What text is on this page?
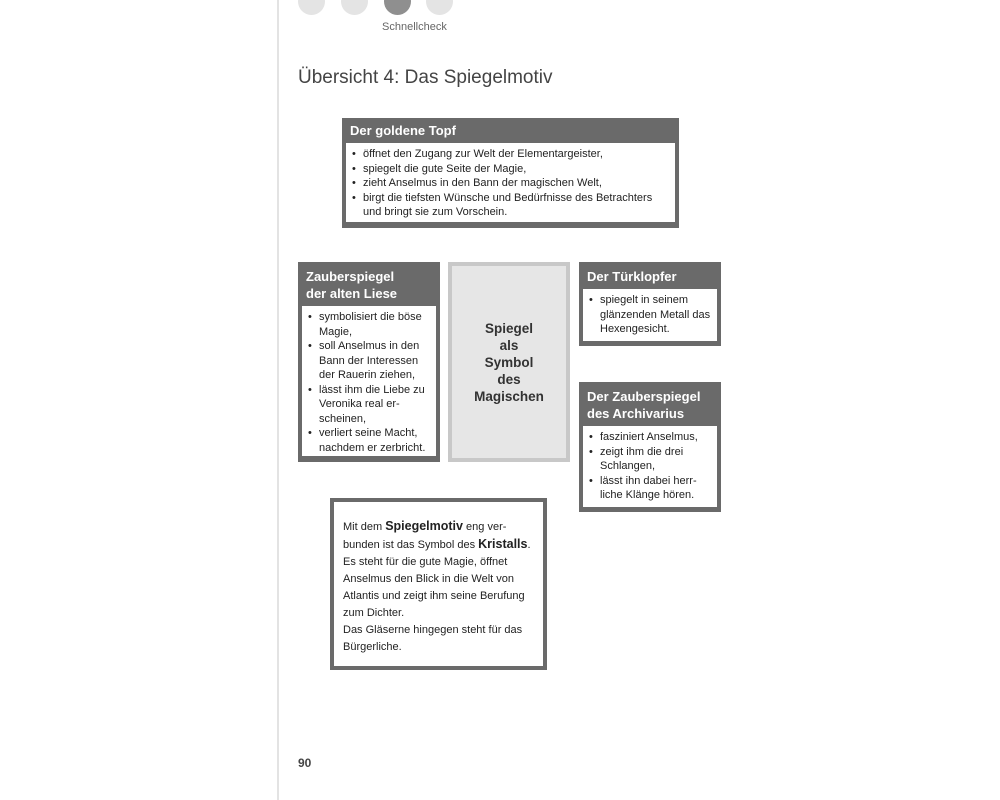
Schnellcheck
Übersicht 4: Das Spiegelmotiv
Der goldene Topf
• öffnet den Zugang zur Welt der Elementargeister,
• spiegelt die gute Seite der Magie,
• zieht Anselmus in den Bann der magischen Welt,
• birgt die tiefsten Wünsche und Bedürfnisse des Betrachters und bringt sie zum Vorschein.
Zauberspiegel
der alten Liese
• symbolisiert die böse Magie,
• soll Anselmus in den Bann der Interessen der Rauerin ziehen,
• lässt ihm die Liebe zu Veronika real er- scheinen,
• verliert seine Macht, nachdem er zerbricht.
Spiegel
als
Symbol
des
Magischen
Der Türklopfer
• spiegelt in seinem glänzenden Metall das Hexengesicht.
Der Zauberspiegel
des Archivarius
• fasziniert Anselmus,
• zeigt ihm die drei Schlangen,
• lässt ihn dabei herr- liche Klänge hören.
Mit dem Spiegelmotiv eng ver- bunden ist das Symbol des Kristalls. Es steht für die gute Magie, öffnet Anselmus den Blick in die Welt von Atlantis und zeigt ihm seine Berufung zum Dichter.
Das Gläserne hingegen steht für das Bürgerliche.
90
